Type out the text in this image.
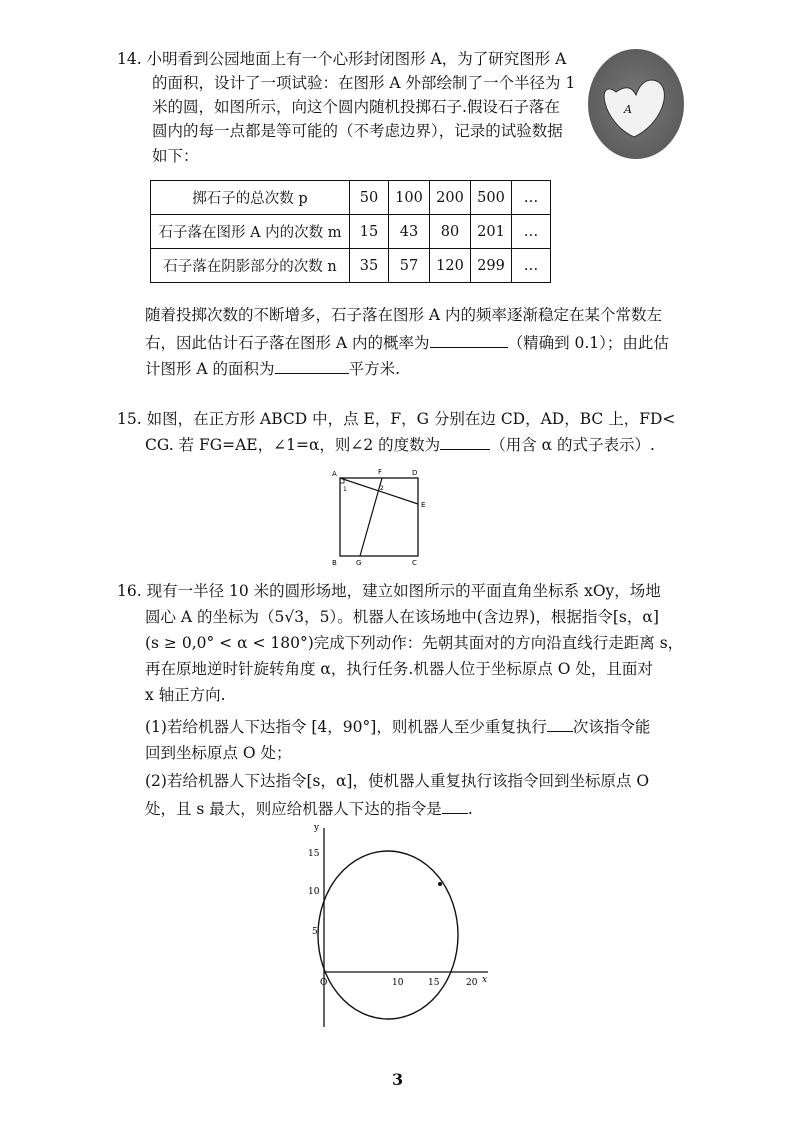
14. 小明看到公园地面上有一个心形封闭图形 A，为了研究图形 A
的面积，设计了一项试验：在图形 A 外部绘制了一个半径为 1
米的圆，如图所示，向这个圆内随机投掷石子.假设石子落在
圆内的每一点都是等可能的（不考虑边界），记录的试验数据
如下：
A
掷石子的总次数 p	50	100	200	500	…
石子落在图形 A 内的次数 m	15	43	80	201	…
石子落在阴影部分的次数 n	35	57	120	299	…
随着投掷次数的不断增多，石子落在图形 A 内的频率逐渐稳定在某个常数左
右，因此估计石子落在图形 A 内的概率为	（精确到 0.1）；由此估
计图形 A 的面积为	平方米.
15. 如图，在正方形 ABCD 中，点 E，F，G 分别在边 CD，AD，BC 上，FD<
CG. 若 FG=AE，∠1=α，则∠2 的度数为	（用含 α 的式子表示）.
A	D
F
E
B	G	C
1	2
16. 现有一半径 10 米的圆形场地，建立如图所示的平面直角坐标系 xOy，场地
圆心 A 的坐标为（5√3，5）。机器人在该场地中(含边界)，根据指令[s，α]
(s ≥ 0,0° < α < 180°)完成下列动作：先朝其面对的方向沿直线行走距离 s，
再在原地逆时针旋转角度 α，执行任务.机器人位于坐标原点 O 处，且面对
x 轴正方向.
(1)若给机器人下达指令 [4，90°]，则机器人至少重复执行 次该指令能
回到坐标原点 O 处；
(2)若给机器人下达指令[s，α]，使机器人重复执行该指令回到坐标原点 O
处，且 s 最大，则应给机器人下达的指令是 .
y
15
10
5
O	10	15	20 x
3
